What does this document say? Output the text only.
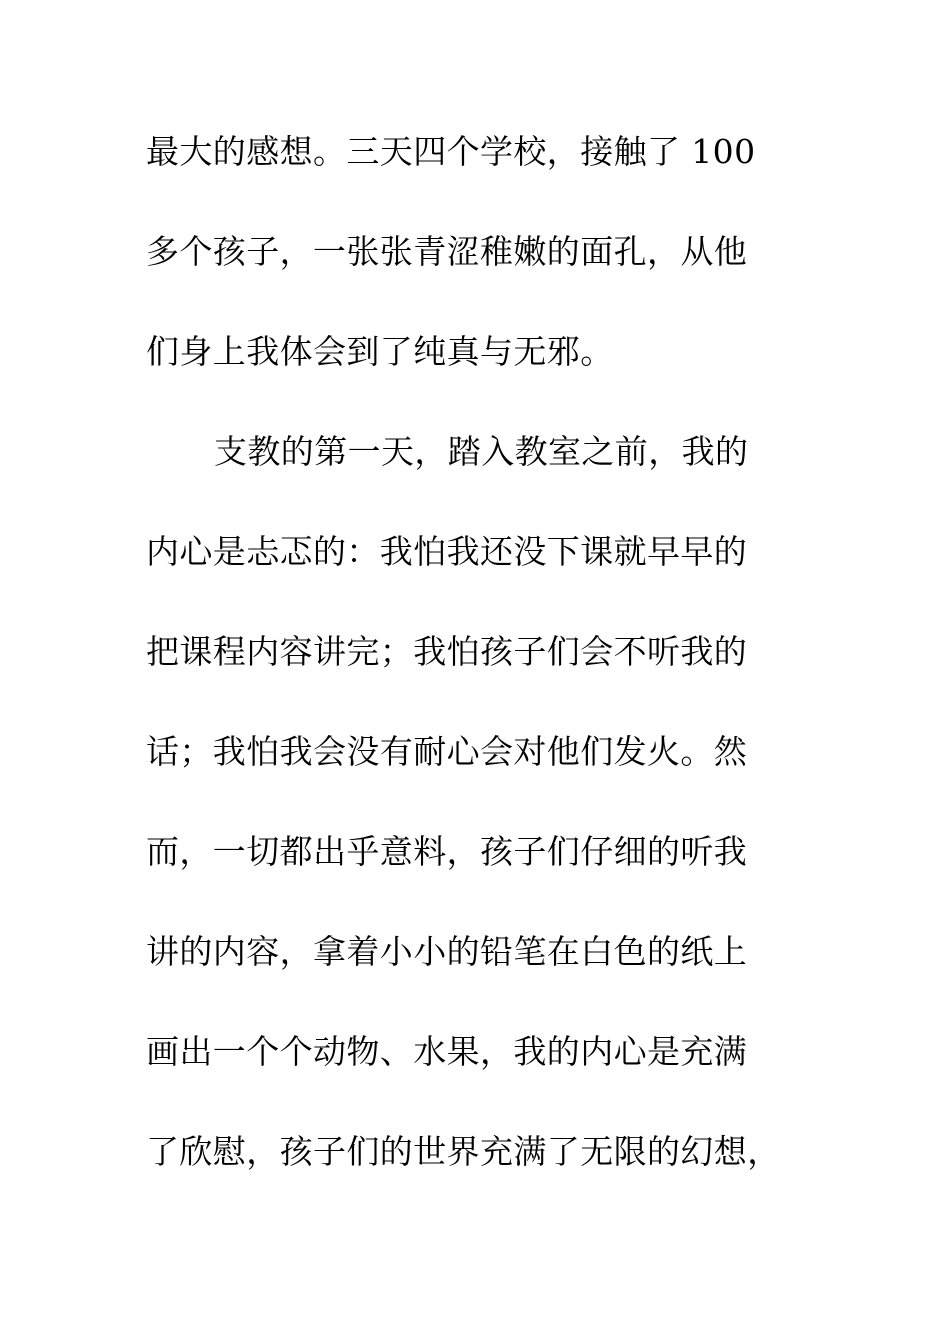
最大的感想。三天四个学校，接触了 100
多个孩子，一张张青涩稚嫩的面孔，从他
们身上我体会到了纯真与无邪。
支教的第一天，踏入教室之前，我的
内心是忐忑的：我怕我还没下课就早早的
把课程内容讲完；我怕孩子们会不听我的
话；我怕我会没有耐心会对他们发火。然
而，一切都出乎意料，孩子们仔细的听我
讲的内容，拿着小小的铅笔在白色的纸上
画出一个个动物、水果，我的内心是充满
了欣慰，孩子们的世界充满了无限的幻想，
